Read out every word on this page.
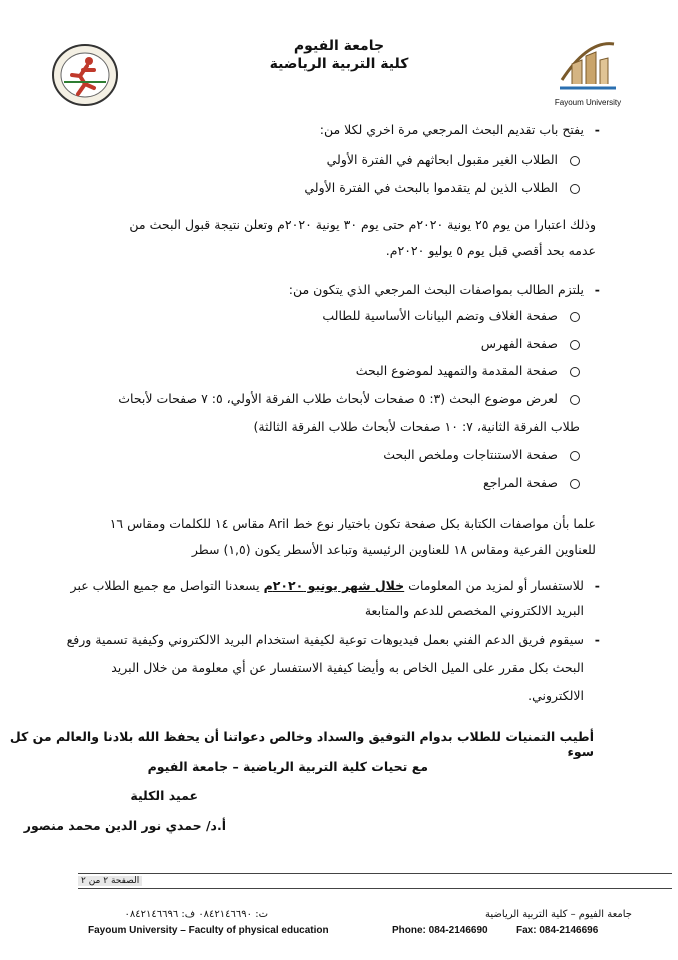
جامعة الفيوم
كلية التربية الرياضية
Fayoum University
-يفتح باب تقديم البحث المرجعي مرة اخري لكلا من:
الطلاب الغير مقبول ابحاثهم في الفترة الأولي
الطلاب الذين لم يتقدموا بالبحث في الفترة الأولي
وذلك اعتبارا من يوم ٢٥ يونية ٢٠٢٠م حتى يوم ٣٠ يونية ٢٠٢٠م وتعلن نتيجة قبول البحث من
عدمه بحد أقصي قبل يوم ٥ يوليو ٢٠٢٠م.
-يلتزم الطالب بمواصفات البحث المرجعي الذي يتكون من:
صفحة الغلاف وتضم البيانات الأساسية للطالب
صفحة الفهرس
صفحة المقدمة والتمهيد لموضوع البحث
لعرض موضوع البحث (٣: ٥ صفحات لأبحاث طلاب الفرقة الأولي، ٥: ٧ صفحات لأبحاث
طلاب الفرقة الثانية، ٧: ١٠ صفحات لأبحاث طلاب الفرقة الثالثة)
صفحة الاستنتاجات وملخص البحث
صفحة المراجع
علما بأن مواصفات الكتابة بكل صفحة تكون باختيار نوع خط Aril مقاس ١٤ للكلمات ومقاس ١٦
للعناوين الفرعية ومقاس ١٨ للعناوين الرئيسية وتباعد الأسطر يكون (١,٥) سطر
-للاستفسار أو لمزيد من المعلومات خلال شهر يونيو ٢٠٢٠م يسعدنا التواصل مع جميع الطلاب عبر
البريد الالكتروني المخصص للدعم والمتابعة
-سيقوم فريق الدعم الفني بعمل فيديوهات توعية لكيفية استخدام البريد الالكتروني وكيفية تسمية ورفع
البحث بكل مقرر على الميل الخاص به وأيضا كيفية الاستفسار عن أي معلومة من خلال البريد
الالكتروني.
أطيب التمنيات للطلاب بدوام التوفيق والسداد وخالص دعواتنا أن يحفظ الله بلادنا والعالم من كل سوء
مع تحيات كلية التربية الرياضية – جامعة الفيوم
عميد الكلية
أ.د/ حمدي نور الدين محمد منصور
الصفحة ٢ من ٢
جامعة الفيوم – كلية التربية الرياضية
ت: ٠٨٤٢١٤٦٦٩٠ ف: ٠٨٤٢١٤٦٦٩٦
Fayoum University – Faculty of physical education	Phone: 084-2146690	Fax: 084-2146696
